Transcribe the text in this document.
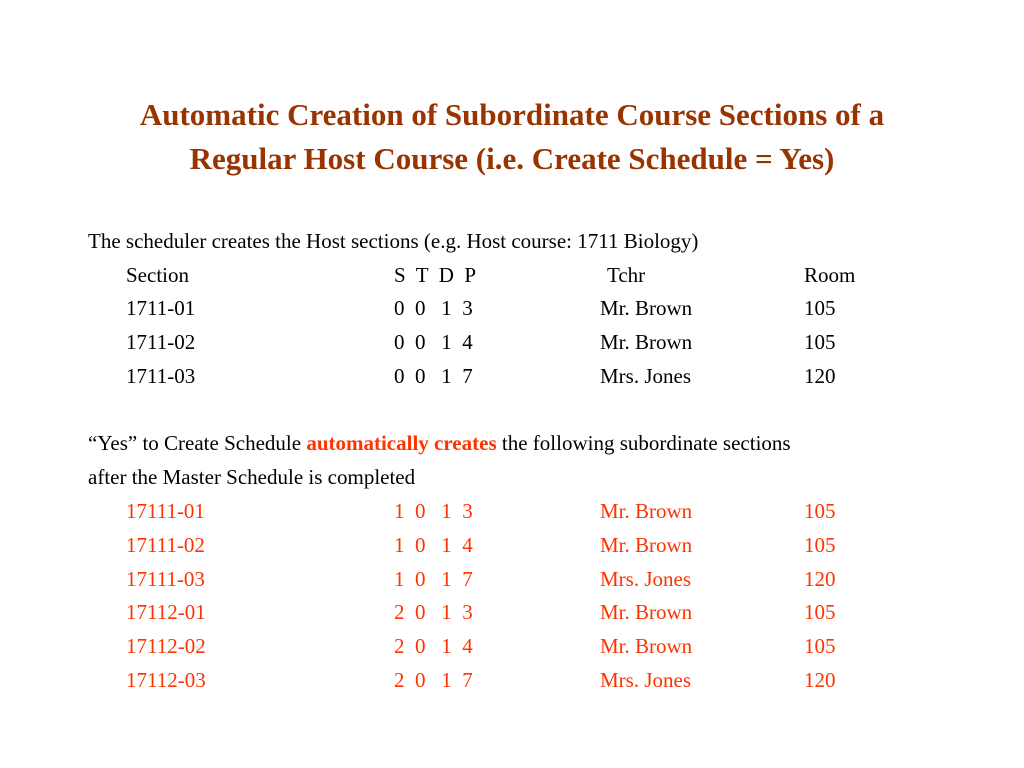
Automatic Creation of Subordinate Course Sections of a
Regular Host Course (i.e. Create Schedule = Yes)
The scheduler creates the Host sections (e.g. Host course: 1711 Biology)
Section	S  T  D  P	Tchr	Room
1711-01	0  0   1  3	Mr. Brown	105
1711-02	0  0   1  4	Mr. Brown	105
1711-03	0  0   1  7	Mrs. Jones	120
“Yes” to Create Schedule automatically creates the following subordinate sections
after the Master Schedule is completed
17111-01	1  0   1  3	Mr. Brown	105
17111-02	1  0   1  4	Mr. Brown	105
17111-03	1  0   1  7	Mrs. Jones	120
17112-01	2  0   1  3	Mr. Brown	105
17112-02	2  0   1  4	Mr. Brown	105
17112-03	2  0   1  7	Mrs. Jones	120
